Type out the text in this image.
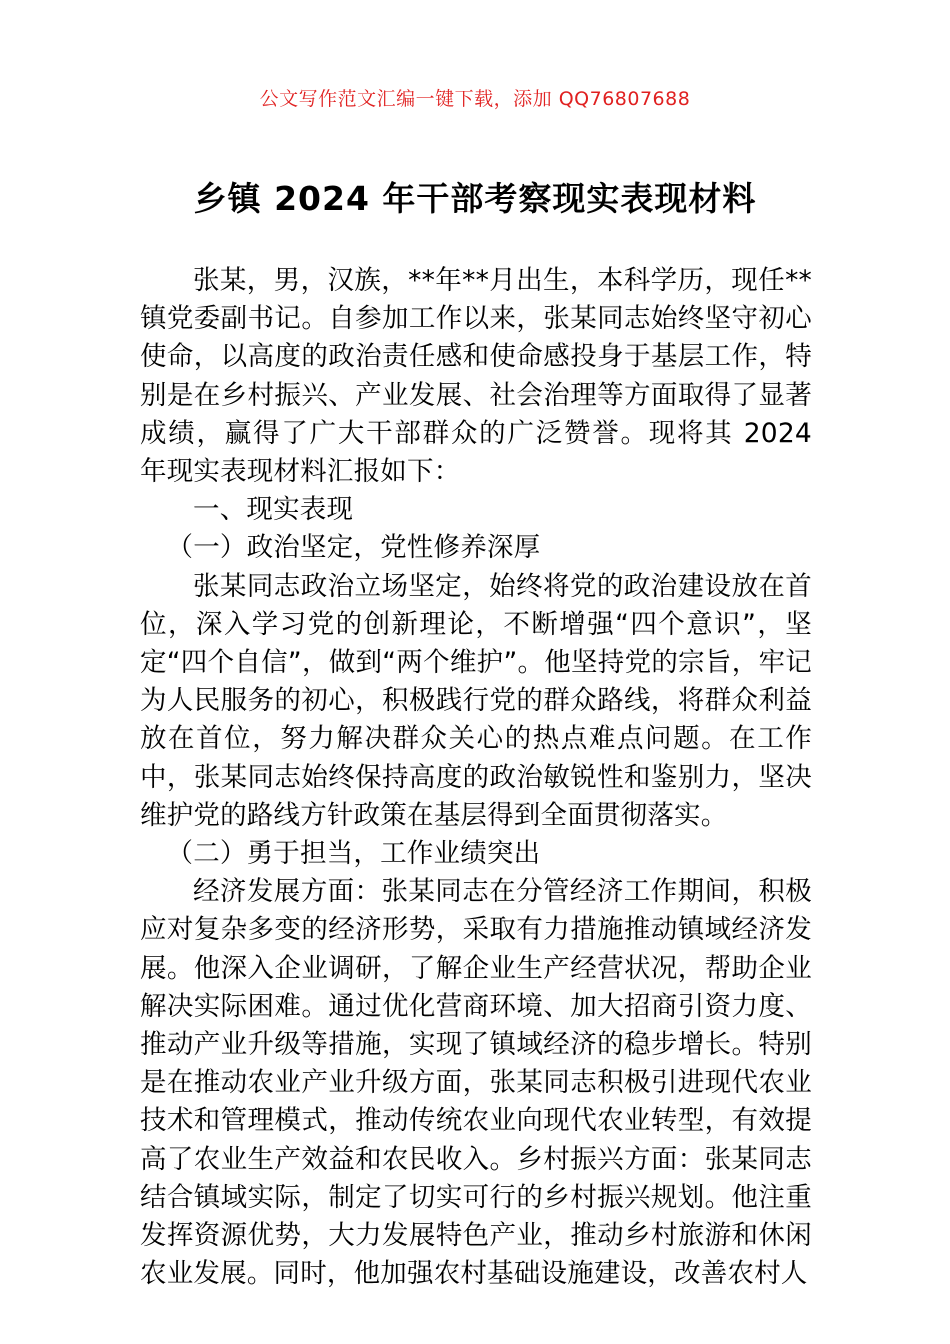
公文写作范文汇编一键下载，添加 QQ76807688
乡镇 2024 年干部考察现实表现材料

张某，男，汉族，**年**月出生，本科学历，现任**镇党委副书记。自参加工作以来，张某同志始终坚守初心使命，以高度的政治责任感和使命感投身于基层工作，特别是在乡村振兴、产业发展、社会治理等方面取得了显著成绩，赢得了广大干部群众的广泛赞誉。现将其 2024 年现实表现材料汇报如下：

一、现实表现

（一）政治坚定，党性修养深厚

张某同志政治立场坚定，始终将党的政治建设放在首位，深入学习党的创新理论，不断增强“四个意识”，坚定“四个自信”，做到“两个维护”。他坚持党的宗旨，牢记为人民服务的初心，积极践行党的群众路线，将群众利益放在首位，努力解决群众关心的热点难点问题。在工作中，张某同志始终保持高度的政治敏锐性和鉴别力，坚决维护党的路线方针政策在基层得到全面贯彻落实。

（二）勇于担当，工作业绩突出

经济发展方面：张某同志在分管经济工作期间，积极应对复杂多变的经济形势，采取有力措施推动镇域经济发展。他深入企业调研，了解企业生产经营状况，帮助企业解决实际困难。通过优化营商环境、加大招商引资力度、推动产业升级等措施，实现了镇域经济的稳步增长。特别是在推动农业产业升级方面，张某同志积极引进现代农业技术和管理模式，推动传统农业向现代农业转型，有效提高了农业生产效益和农民收入。乡村振兴方面：张某同志结合镇域实际，制定了切实可行的乡村振兴规划。他注重发挥资源优势，大力发展特色产业，推动乡村旅游和休闲农业发展。同时，他加强农村基础设施建设，改善农村人
